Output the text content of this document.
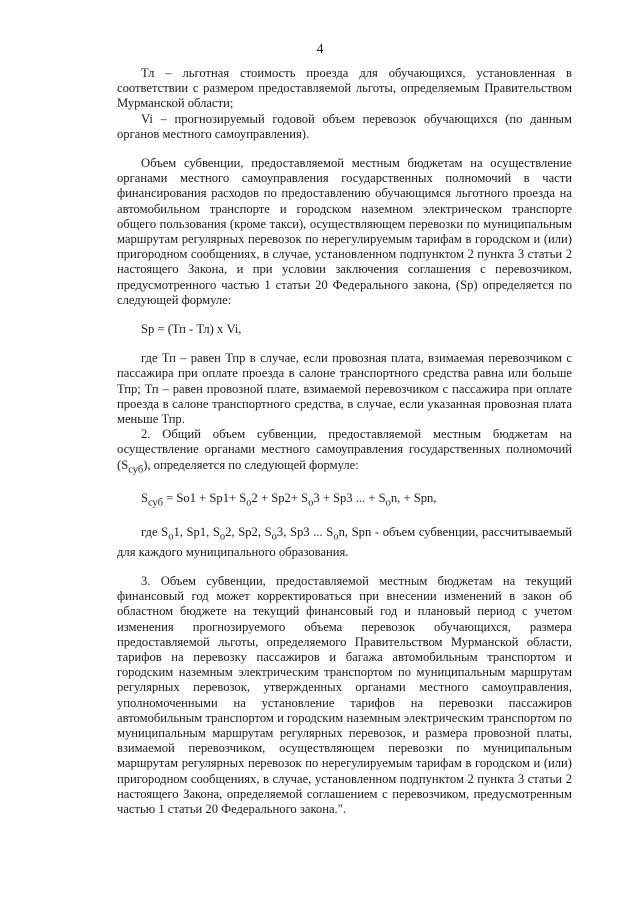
4

Тл – льготная стоимость проезда для обучающихся, установленная в соответствии с размером предоставляемой льготы, определяемым Правительством Мурманской области;

Vi – прогнозируемый годовой объем перевозок обучающихся (по данным органов местного самоуправления).

Объем субвенции, предоставляемой местным бюджетам на осуществление органами местного самоуправления государственных полномочий в части финансирования расходов по предоставлению обучающимся льготного проезда на автомобильном транспорте и городском наземном электрическом транспорте общего пользования (кроме такси), осуществляющем перевозки по муниципальным маршрутам регулярных перевозок по нерегулируемым тарифам в городском и (или) пригородном сообщениях, в случае, установленном подпунктом 2 пункта 3 статьи 2 настоящего Закона, и при условии заключения соглашения с перевозчиком, предусмотренного частью 1 статьи 20 Федерального закона, (Sp) определяется по следующей формуле:

Sp = (Тп - Тл) х Vi,

где Тп – равен Тпр в случае, если провозная плата, взимаемая перевозчиком с пассажира при оплате проезда в салоне транспортного средства равна или больше Тпр; Тп – равен провозной плате, взимаемой перевозчиком с пассажира при оплате проезда в салоне транспортного средства, в случае, если указанная провозная плата меньше Тпр.

2. Общий объем субвенции, предоставляемой местным бюджетам на осуществление органами местного самоуправления государственных полномочий $(S_{суб})$, определяется по следующей формуле:

$S_{суб} = So1 + Sp1+ S_о2 + Sp2+ S_о3 + Sp3$ ... + $S_оn$, + Spn,

где $S_о1$, Sp1, $S_о2$, Sp2, $S_о3$, Sp3 ... $S_оn$, Spn - объем субвенции, рассчитываемый для каждого муниципального образования.

3. Объем субвенции, предоставляемой местным бюджетам на текущий финансовый год может корректироваться при внесении изменений в закон об областном бюджете на текущий финансовый год и плановый период с учетом изменения прогнозируемого объема перевозок обучающихся, размера предоставляемой льготы, определяемого Правительством Мурманской области, тарифов на перевозку пассажиров и багажа автомобильным транспортом и городским наземным электрическим транспортом по муниципальным маршрутам регулярных перевозок, утвержденных органами местного самоуправления, уполномоченными на установление тарифов на перевозки пассажиров автомобильным транспортом и городским наземным электрическим транспортом по муниципальным маршрутам регулярных перевозок, и размера провозной платы, взимаемой перевозчиком, осуществляющем перевозки по муниципальным маршрутам регулярных перевозок по нерегулируемым тарифам в городском и (или) пригородном сообщениях, в случае, установленном подпунктом 2 пункта 3 статьи 2 настоящего Закона, определяемой соглашением с перевозчиком, предусмотренным частью 1 статьи 20 Федерального закона.".
